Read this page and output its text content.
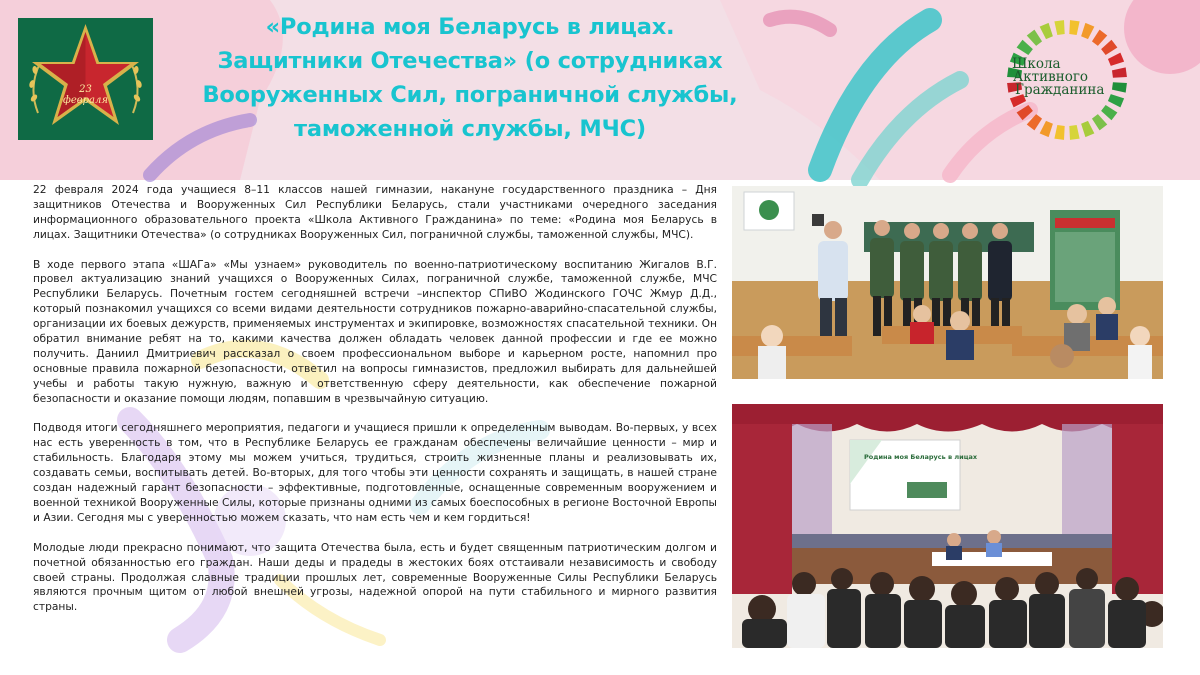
23
февраля
«Родина моя Беларусь в лицах. Защитники Отечества» (о сотрудниках Вооруженных Сил, пограничной службы, таможенной службы, МЧС)
Школа
Активного
Гражданина

22 февраля 2024 года учащиеся 8–11 классов нашей гимназии, накануне государственного праздника – Дня защитников Отечества и Вооруженных Сил Республики Беларусь, стали участниками очередного заседания информационного образовательного проекта «Школа Активного Гражданина» по теме: «Родина моя Беларусь в лицах. Защитники Отечества» (о сотрудниках Вооруженных Сил, пограничной службы, таможенной службы, МЧС).

В ходе первого этапа «ШАГа» «Мы узнаем» руководитель по военно-патриотическому воспитанию Жигалов В.Г. провел актуализацию знаний учащихся о Вооруженных Силах, пограничной службе, таможенной службе, МЧС Республики Беларусь. Почетным гостем сегодняшней встречи –инспектор СПиВО Жодинского ГОЧС Жмур Д.Д., который познакомил учащихся со всеми видами деятельности сотрудников пожарно-аварийно-спасательной службы, организации их боевых дежурств, применяемых инструментах и экипировке, возможностях спасательной техники. Он обратил внимание ребят на то, какими качества должен обладать человек данной профессии и где ее можно получить. Даниил Дмитриевич рассказал о своем профессиональном выборе и карьерном росте, напомнил про основные правила пожарной безопасности, ответил на вопросы гимназистов, предложил выбирать для дальнейшей учебы и работы такую нужную, важную и ответственную сферу деятельности, как обеспечение пожарной безопасности и оказание помощи людям, попавшим в чрезвычайную ситуацию.

Подводя итоги сегодняшнего мероприятия, педагоги и учащиеся пришли к определенным выводам. Во-первых, у всех нас есть уверенность в том, что в Республике Беларусь ее гражданам обеспечены величайшие ценности – мир и стабильность. Благодаря этому мы можем учиться, трудиться, строить жизненные планы и реализовывать их, создавать семьи, воспитывать детей. Во-вторых, для того чтобы эти ценности сохранять и защищать, в нашей стране создан надежный гарант безопасности – эффективные, подготовленные, оснащенные современным вооружением и военной техникой Вооруженные Силы, которые признаны одними из самых боеспособных в регионе Восточной Европы и Азии. Сегодня мы с уверенностью можем сказать, что нам есть чем и кем гордиться!

Молодые люди прекрасно понимают, что защита Отечества была, есть и будет священным патриотическим долгом и почетной обязанностью его граждан. Наши деды и прадеды в жестоких боях отстаивали независимость и свободу своей страны. Продолжая славные традиции прошлых лет, современные Вооруженные Силы Республики Беларусь являются прочным щитом от любой внешней угрозы, надежной опорой на пути стабильного и мирного развития страны.

Родина моя Беларусь в лицах
